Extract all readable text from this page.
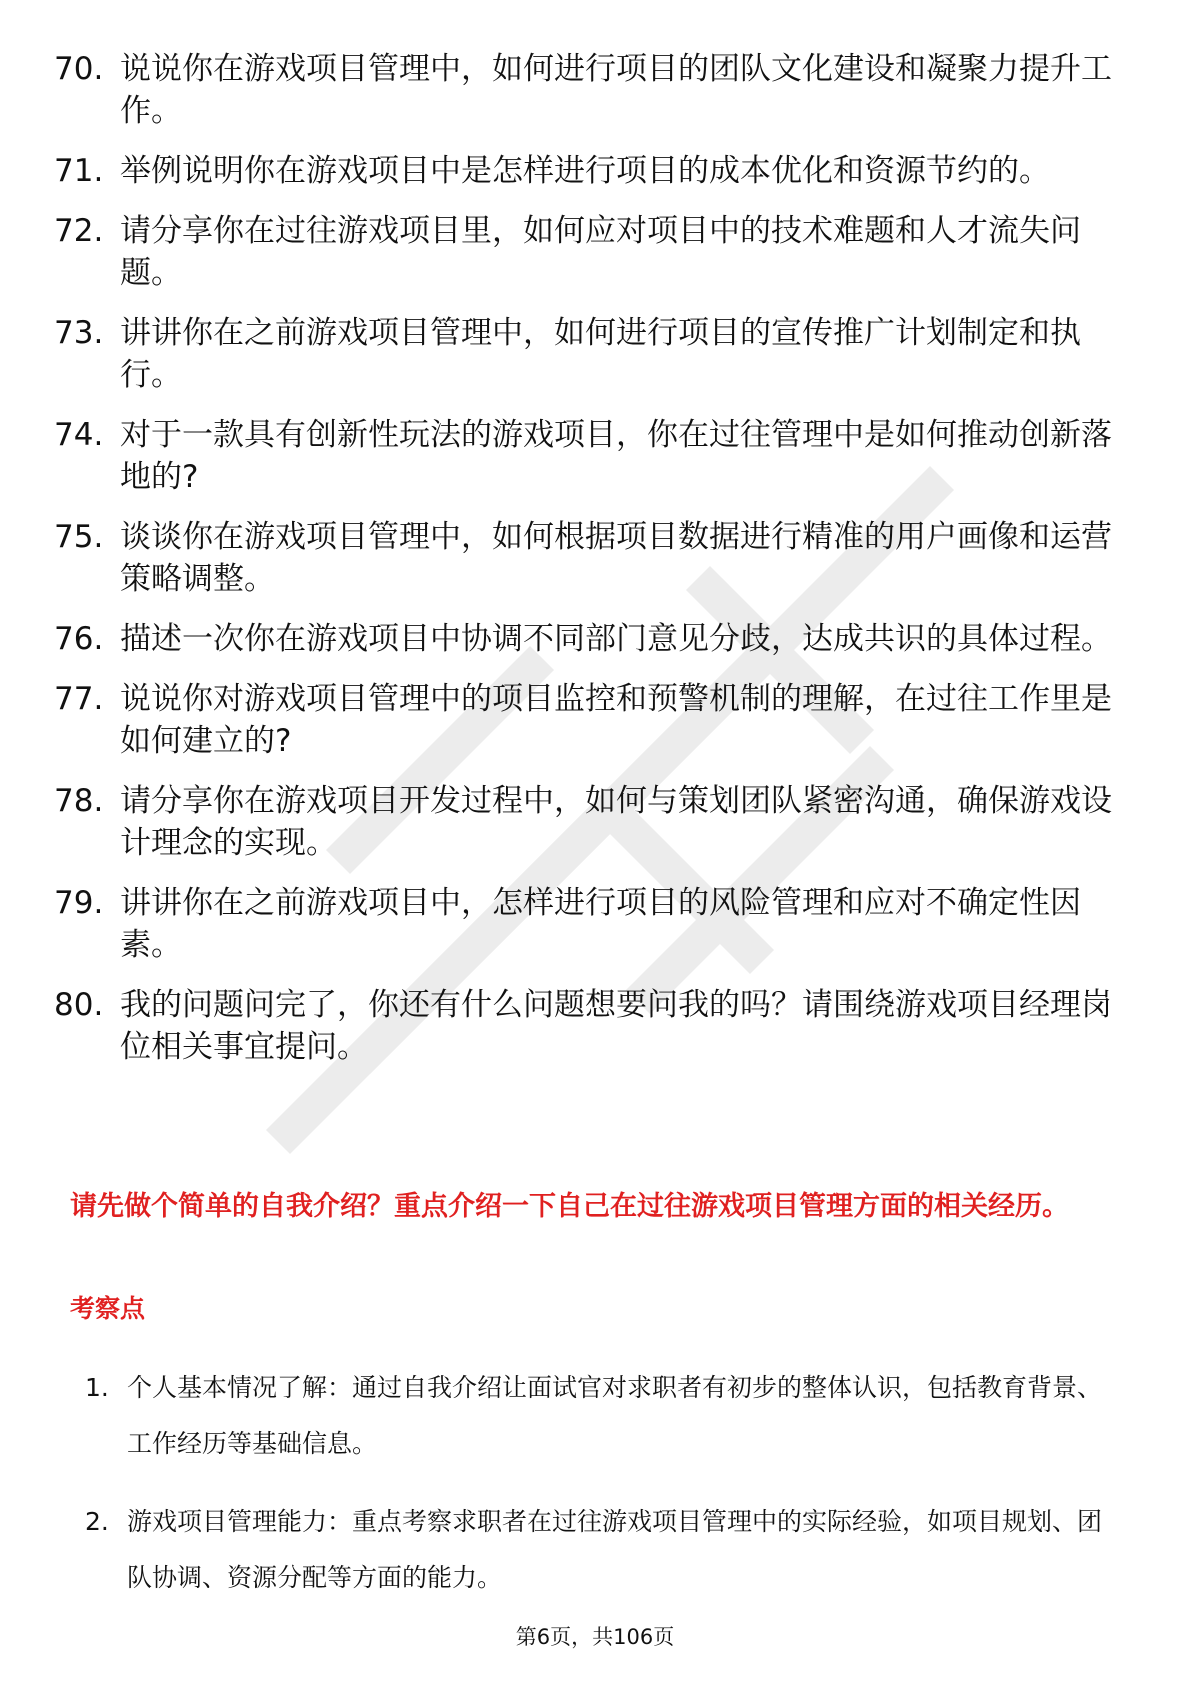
70. 说说你在游戏项目管理中，如何进行项目的团队文化建设和凝聚力提升工作。
71. 举例说明你在游戏项目中是怎样进行项目的成本优化和资源节约的。
72. 请分享你在过往游戏项目里，如何应对项目中的技术难题和人才流失问题。
73. 讲讲你在之前游戏项目管理中，如何进行项目的宣传推广计划制定和执行。
74. 对于一款具有创新性玩法的游戏项目，你在过往管理中是如何推动创新落地的?
75. 谈谈你在游戏项目管理中，如何根据项目数据进行精准的用户画像和运营策略调整。
76. 描述一次你在游戏项目中协调不同部门意见分歧，达成共识的具体过程。
77. 说说你对游戏项目管理中的项目监控和预警机制的理解，在过往工作里是如何建立的?
78. 请分享你在游戏项目开发过程中，如何与策划团队紧密沟通，确保游戏设计理念的实现。
79. 讲讲你在之前游戏项目中，怎样进行项目的风险管理和应对不确定性因素。
80. 我的问题问完了，你还有什么问题想要问我的吗？请围绕游戏项目经理岗位相关事宜提问。
请先做个简单的自我介绍？重点介绍一下自己在过往游戏项目管理方面的相关经历。
考察点
1. 个人基本情况了解：通过自我介绍让面试官对求职者有初步的整体认识，包括教育背景、工作经历等基础信息。
2. 游戏项目管理能力：重点考察求职者在过往游戏项目管理中的实际经验，如项目规划、团队协调、资源分配等方面的能力。
第6页，共106页
